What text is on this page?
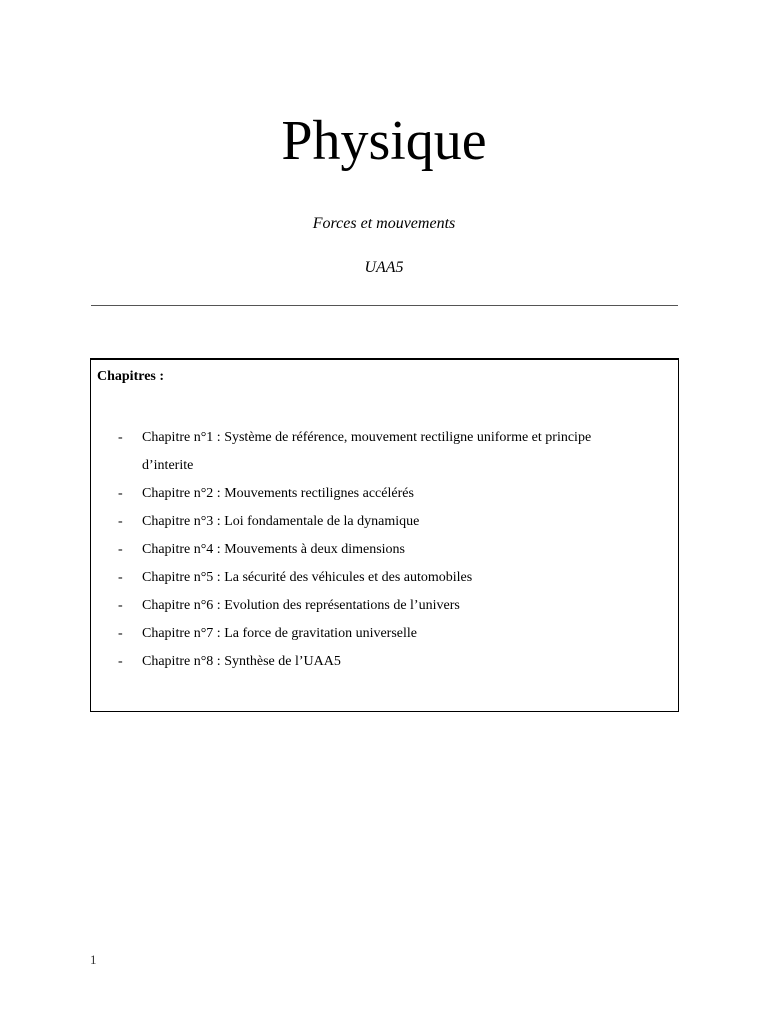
Physique
Forces et mouvements
UAA5
Chapitres :
- Chapitre n°1 : Système de référence, mouvement rectiligne uniforme et principe d’interite
- Chapitre n°2 : Mouvements rectilignes accélérés
- Chapitre n°3 : Loi fondamentale de la dynamique
- Chapitre n°4 : Mouvements à deux dimensions
- Chapitre n°5 : La sécurité des véhicules et des automobiles
- Chapitre n°6 : Evolution des représentations de l’univers
- Chapitre n°7 : La force de gravitation universelle
- Chapitre n°8 : Synthèse de l’UAA5
1
